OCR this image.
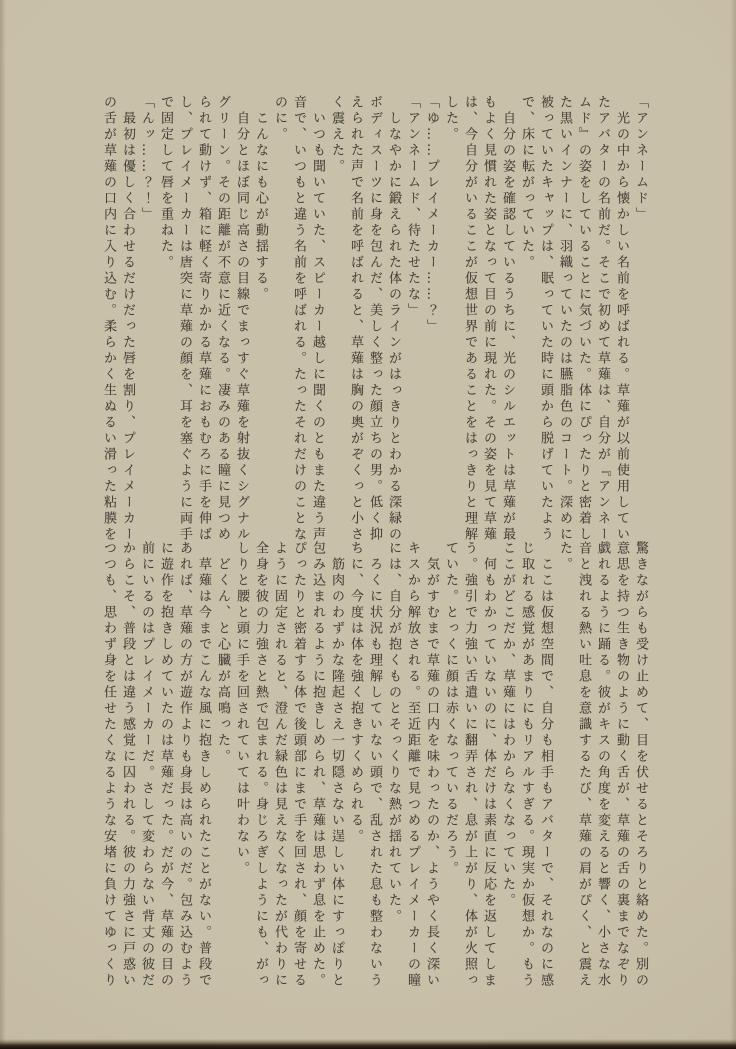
「アンネームド」

　光の中から懐かしい名前を呼ばれる。草薙が以前使用していたアバターの名前だ。そこで初めて草薙は、自分が『アンネームド』の姿をしていることに気づいた。体にぴったりと密着した黒いインナーに、羽織っていたのは臙脂色のコート。深めに被っていたキャップは、眠っていた時に頭から脱げていたようで、床に転がっていた。

　自分の姿を確認しているうちに、光のシルエットは草薙が最もよく見慣れた姿となって目の前に現れた。その姿を見て草薙は、今自分がいるここが仮想世界であることをはっきりと理解した。

「ゆ……プレイメーカー……？」

「アンネームド、待たせたな」

　しなやかに鍛えられた体のラインがはっきりとわかる深緑のボディスーツに身を包んだ、美しく整った顔立ちの男。低く抑えられた声で名前を呼ばれると、草薙は胸の奥がぞくっと小さく震えた。

　いつも聞いていた、スピーカー越しに聞くのともまた違う声音で、いつもと違う名前を呼ばれる。たったそれだけのことなのに。

　こんなにも心が動揺する。

　自分とほぼ同じ高さの目線でまっすぐ草薙を射抜くシグナルグリーン。その距離が不意に近くなる。凄みのある瞳に見つめられて動けず、箱に軽く寄りかかる草薙におもむろに手を伸ばし、プレイメーカーは唐突に草薙の顔を、耳を塞ぐように両手で固定して唇を重ねた。

「んッ……？！」

　最初は優しく合わせるだけだった唇を割り、プレイメーカーの舌が草薙の口内に入り込む。柔らかく生ぬるい滑った粘膜を

驚きながらも受け止めて、目を伏せるとそろりと絡めた。別の意思を持つ生き物のように動く舌が、草薙の舌の裏までなぞり戯れるように踊る。彼がキスの角度を変えると響く、小さな水音と洩れる熱い吐息を意識するたび、草薙の肩がぴく、と震えた。

　ここは仮想空間で、自分も相手もアバターで、それなのに感じ取れる感覚があまりにもリアルすぎる。現実か仮想か。もうここがどこだか、草薙にはわからなくなっていた。

　何もわかっていないのに、体だけは素直に反応を返してしまう。強引で力強い舌遣いに翻弄され、息が上がり、体が火照っていた。とっくに顔は赤くなっているだろう。

　気がすむまで草薙の口内を味わったのか、ようやく長く深いキスから解放される。至近距離で見つめるプレイメーカーの瞳には、自分が抱くものとそっくりな熱が揺れていた。

　ろくに状況も理解していない頭で、乱された息も整わないうちに、今度は体を強く抱きすくめられる。

　筋肉のわずかな隆起さえ一切隠さない逞しい体にすっぽりと包み込まれるように抱きしめられ、草薙は思わず息を止めた。ぴったりと密着する体で後頭部にまで手を回され、顔を寄せるように固定されると、澄んだ緑色は見えなくなったが代わりに全身を彼の力強さと熱で包まれる。身じろぎしようにも、がっしりと腰と頭に手を回されていては叶わない。

　どくん、と心臓が高鳴った。

　草薙は今までこんな風に抱きしめられたことがない。普段であれば、草薙の方が遊作よりも身長は高いのだ。包み込むように遊作を抱きしめていたのは草薙だった。だが今、草薙の目の前にいるのはプレイメーカーだ。さして変わらない背丈の彼だからこそ、普段とは違う感覚に囚われる。彼の力強さに戸惑いつつも、思わず身を任せたくなるような安堵に負けてゆっくり
